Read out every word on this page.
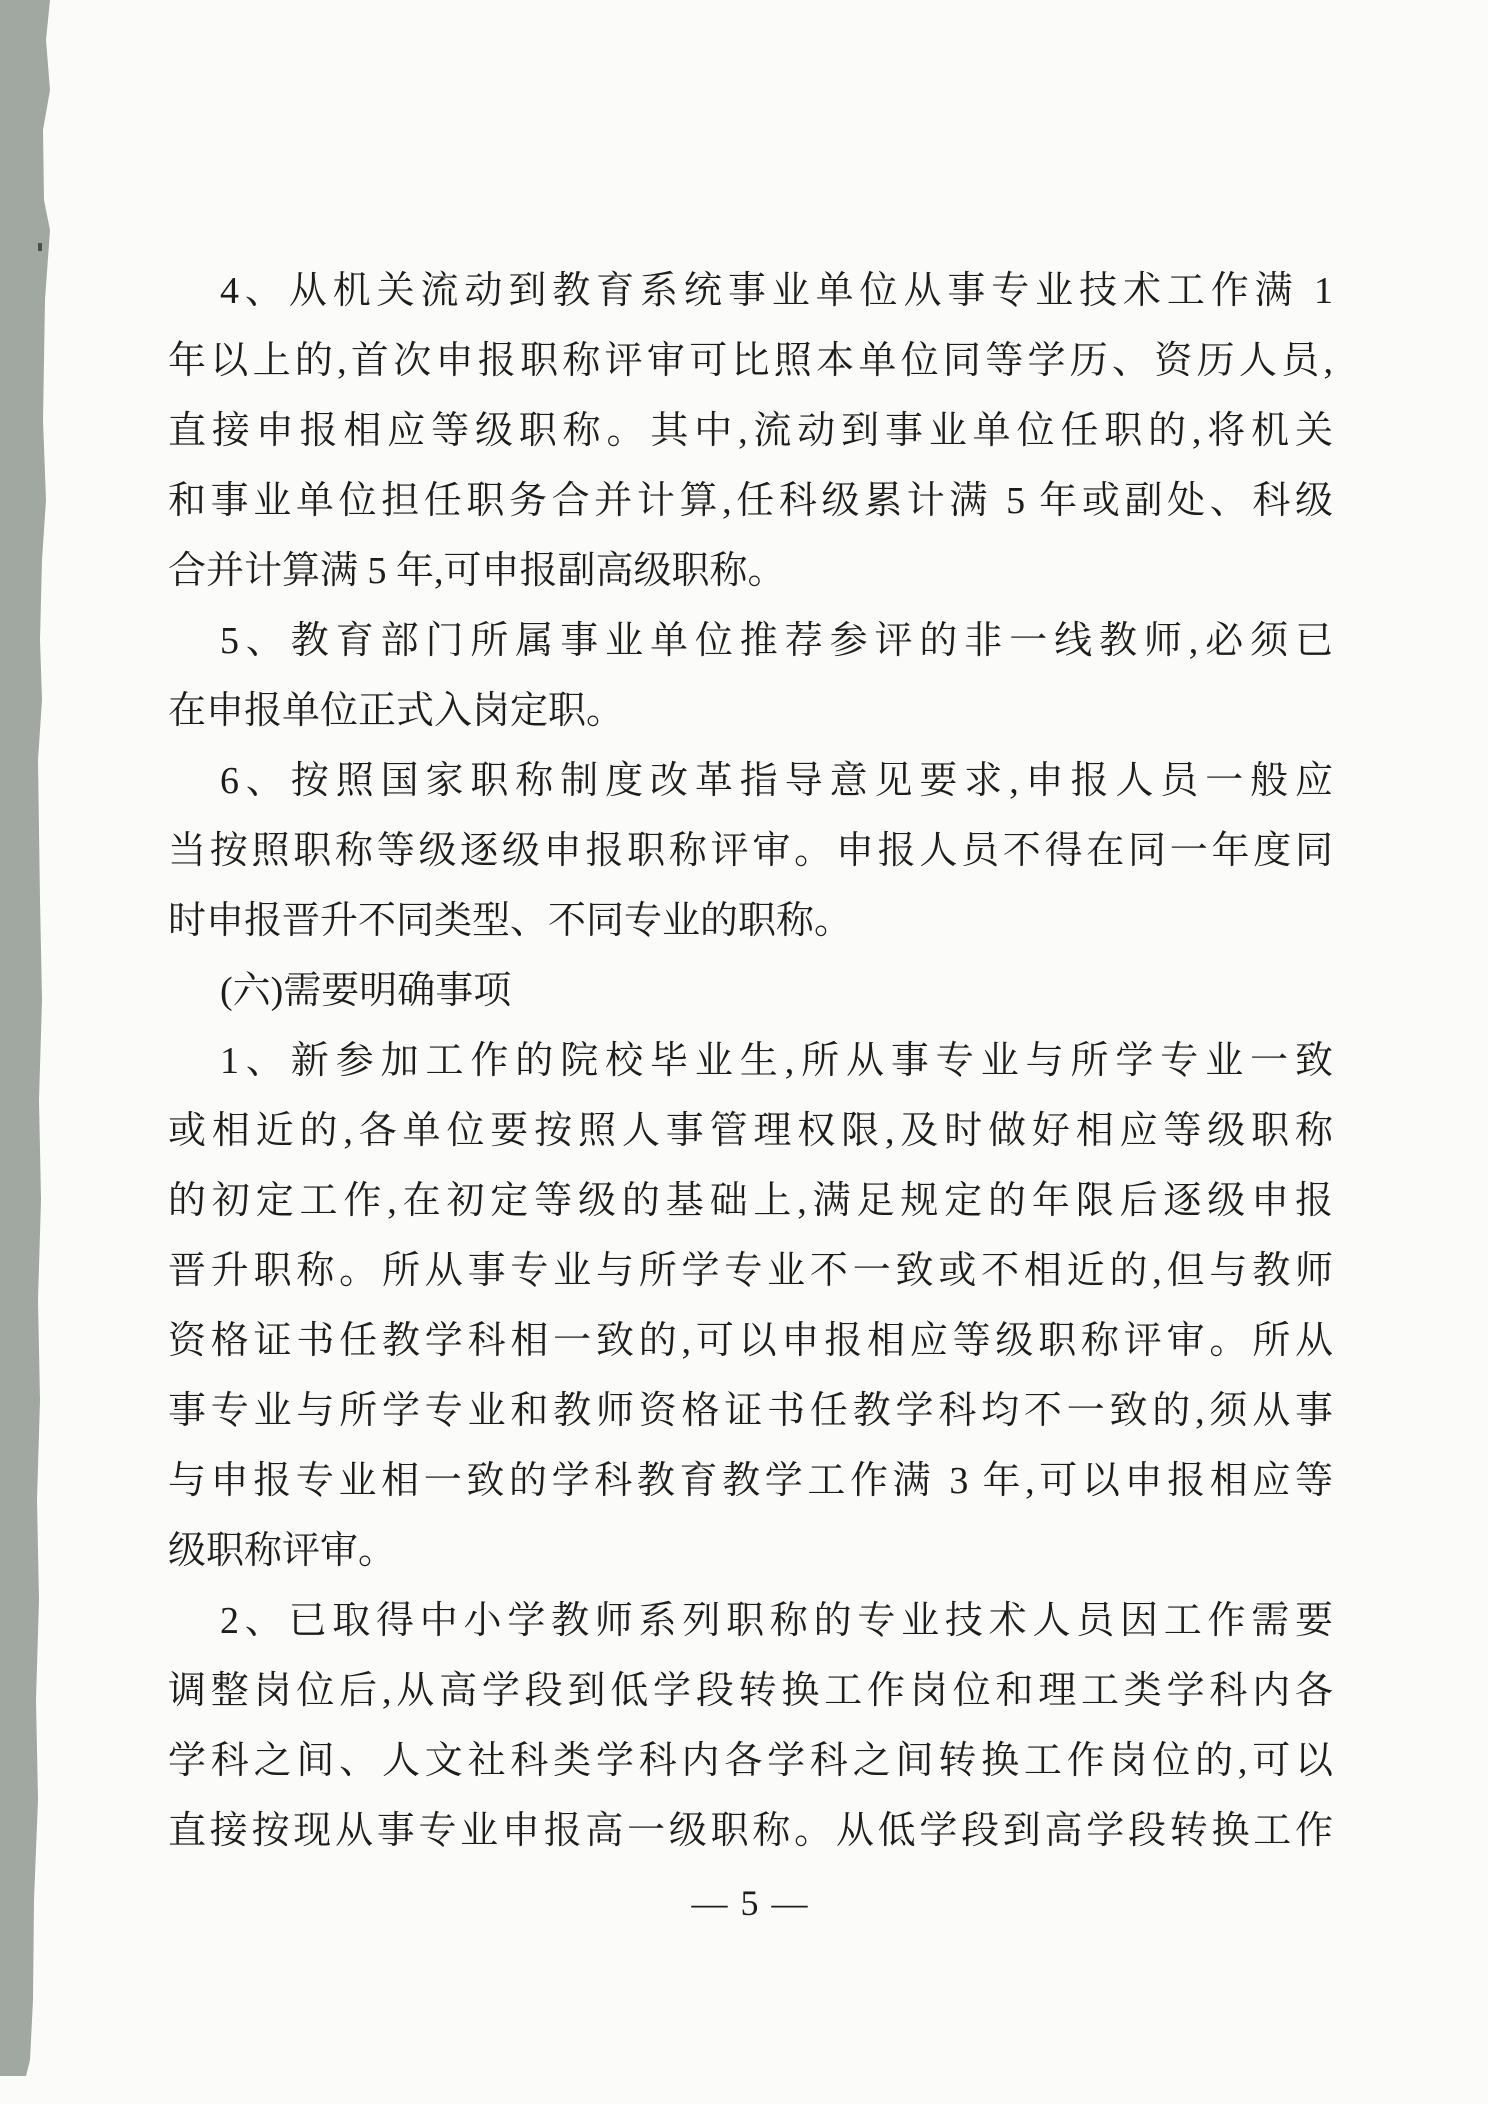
4、从机关流动到教育系统事业单位从事专业技术工作满 1
年以上的,首次申报职称评审可比照本单位同等学历、资历人员,
直接申报相应等级职称。其中,流动到事业单位任职的,将机关
和事业单位担任职务合并计算,任科级累计满 5 年或副处、科级
合并计算满 5 年,可申报副高级职称。
5、教育部门所属事业单位推荐参评的非一线教师,必须已
在申报单位正式入岗定职。
6、按照国家职称制度改革指导意见要求,申报人员一般应
当按照职称等级逐级申报职称评审。申报人员不得在同一年度同
时申报晋升不同类型、不同专业的职称。
(六)需要明确事项
1、新参加工作的院校毕业生,所从事专业与所学专业一致
或相近的,各单位要按照人事管理权限,及时做好相应等级职称
的初定工作,在初定等级的基础上,满足规定的年限后逐级申报
晋升职称。所从事专业与所学专业不一致或不相近的,但与教师
资格证书任教学科相一致的,可以申报相应等级职称评审。所从
事专业与所学专业和教师资格证书任教学科均不一致的,须从事
与申报专业相一致的学科教育教学工作满 3 年,可以申报相应等
级职称评审。
2、已取得中小学教师系列职称的专业技术人员因工作需要
调整岗位后,从高学段到低学段转换工作岗位和理工类学科内各
学科之间、人文社科类学科内各学科之间转换工作岗位的,可以
直接按现从事专业申报高一级职称。从低学段到高学段转换工作
— 5 —
